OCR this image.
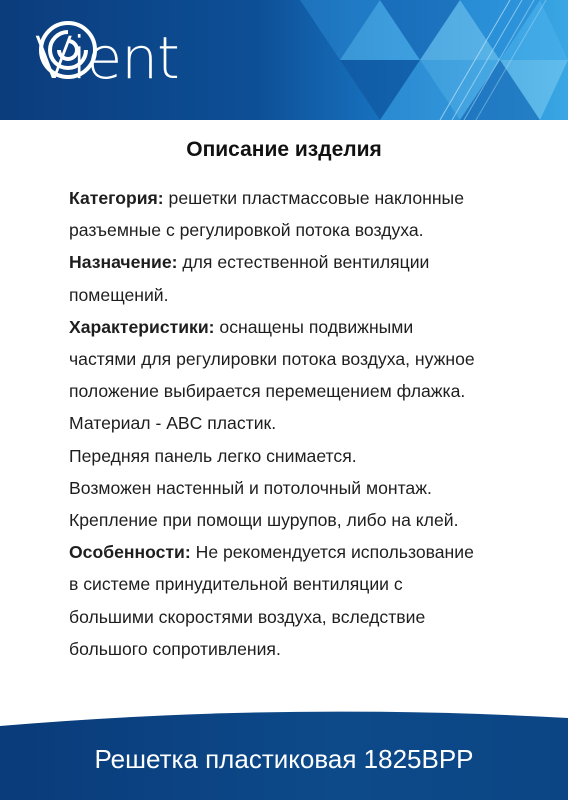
Vient
Описание изделия
Категория: решетки пластмассовые наклонные
разъемные с регулировкой потока воздуха.
Назначение: для естественной вентиляции
помещений.
Характеристики: оснащены подвижными
частями для регулировки потока воздуха, нужное
положение выбирается перемещением флажка.
Материал - ABC пластик.
Передняя панель легко снимается.
Возможен настенный и потолочный монтаж.
Крепление при помощи шурупов, либо на клей.
Особенности: Не рекомендуется использование
в системе принудительной вентиляции с
большими скоростями воздуха, вследствие
большого сопротивления.
Решетка пластиковая 1825BPP
